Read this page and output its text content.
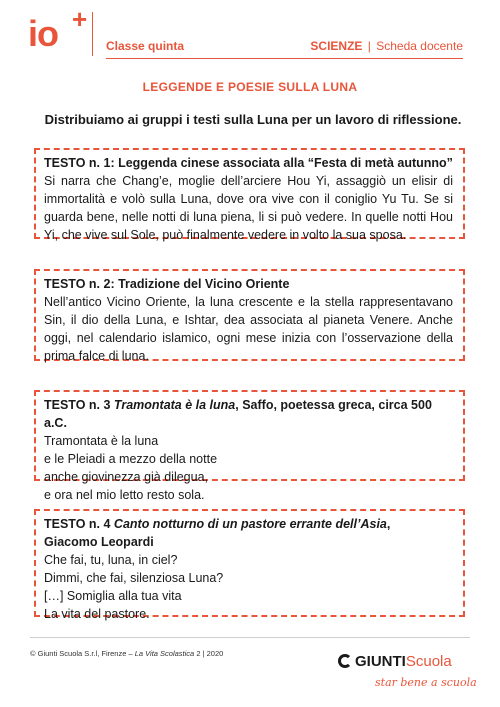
io +
Classe quinta	SCIENZE | Scheda docente
LEGGENDE E POESIE SULLA LUNA
Distribuiamo ai gruppi i testi sulla Luna per un lavoro di riflessione.
TESTO n. 1: Leggenda cinese associata alla “Festa di metà autunno”

Si narra che Chang’e, moglie dell’arciere Hou Yi, assaggiò un elisir di immortalità e volò sulla Luna, dove ora vive con il coniglio Yu Tu. Se si guarda bene, nelle notti di luna piena, li si può vedere. In quelle notti Hou Yi, che vive sul Sole, può finalmente vedere in volto la sua sposa.

TESTO n. 2: Tradizione del Vicino Oriente

Nell’antico Vicino Oriente, la luna crescente e la stella rappresentavano Sin, il dio della Luna, e Ishtar, dea associata al pianeta Venere. Anche oggi, nel calendario islamico, ogni mese inizia con l’osservazione della prima falce di luna.

TESTO n. 3 Tramontata è la luna, Saffo, poetessa greca, circa 500 a.C.
Tramontata è la luna
e le Pleiadi a mezzo della notte
anche giovinezza già dilegua,
e ora nel mio letto resto sola.
TESTO n. 4 Canto notturno di un pastore errante dell’Asia,
Giacomo Leopardi
Che fai, tu, luna, in ciel?
Dimmi, che fai, silenziosa Luna?
[…] Somiglia alla tua vita
La vita del pastore.
© Giunti Scuola S.r.l, Firenze – La Vita Scolastica 2 | 2020	GIUNTIScuola
star bene a scuola
